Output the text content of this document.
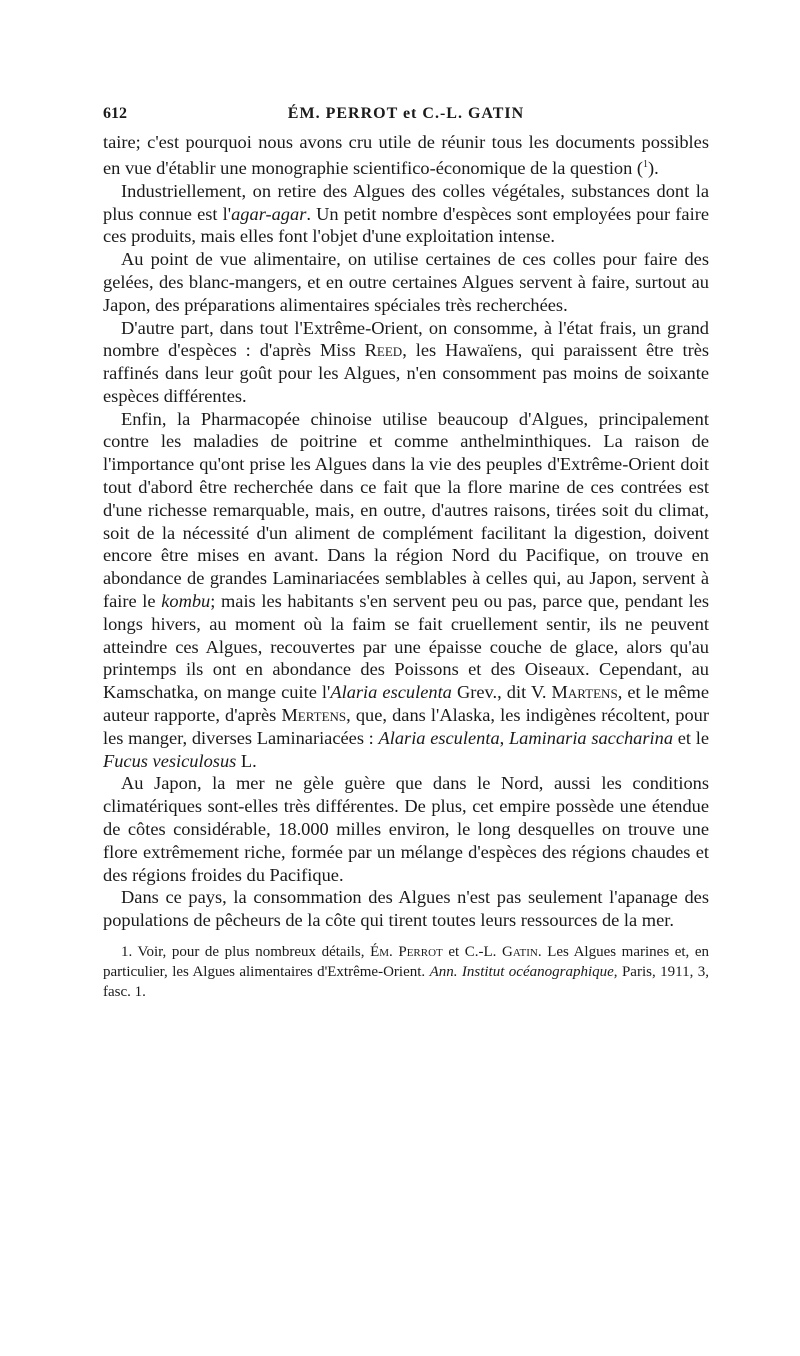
612	ÉM. PERROT et C.-L. GATIN

taire; c'est pourquoi nous avons cru utile de réunir tous les documents possibles en vue d'établir une monographie scientifico-économique de la question ($^1$).

Industriellement, on retire des Algues des colles végétales, substances dont la plus connue est l'agar-agar. Un petit nombre d'espèces sont employées pour faire ces produits, mais elles font l'objet d'une exploitation intense.

Au point de vue alimentaire, on utilise certaines de ces colles pour faire des gelées, des blanc-mangers, et en outre certaines Algues servent à faire, surtout au Japon, des préparations alimentaires spéciales très recherchées.

D'autre part, dans tout l'Extrême-Orient, on consomme, à l'état frais, un grand nombre d'espèces : d'après Miss Reed, les Hawaïens, qui paraissent être très raffinés dans leur goût pour les Algues, n'en consomment pas moins de soixante espèces différentes.

Enfin, la Pharmacopée chinoise utilise beaucoup d'Algues, principalement contre les maladies de poitrine et comme anthelminthiques. La raison de l'importance qu'ont prise les Algues dans la vie des peuples d'Extrême-Orient doit tout d'abord être recherchée dans ce fait que la flore marine de ces contrées est d'une richesse remarquable, mais, en outre, d'autres raisons, tirées soit du climat, soit de la nécessité d'un aliment de complément facilitant la digestion, doivent encore être mises en avant. Dans la région Nord du Pacifique, on trouve en abondance de grandes Laminariacées semblables à celles qui, au Japon, servent à faire le kombu; mais les habitants s'en servent peu ou pas, parce que, pendant les longs hivers, au moment où la faim se fait cruellement sentir, ils ne peuvent atteindre ces Algues, recouvertes par une épaisse couche de glace, alors qu'au printemps ils ont en abondance des Poissons et des Oiseaux. Cependant, au Kamschatka, on mange cuite l'Alaria esculenta Grev., dit V. Martens, et le même auteur rapporte, d'après Mertens, que, dans l'Alaska, les indigènes récoltent, pour les manger, diverses Laminariacées : Alaria esculenta, Laminaria saccharina et le Fucus vesiculosus L.

Au Japon, la mer ne gèle guère que dans le Nord, aussi les conditions climatériques sont-elles très différentes. De plus, cet empire possède une étendue de côtes considérable, 18.000 milles environ, le long desquelles on trouve une flore extrêmement riche, formée par un mélange d'espèces des régions chaudes et des régions froides du Pacifique.

Dans ce pays, la consommation des Algues n'est pas seulement l'apanage des populations de pêcheurs de la côte qui tirent toutes leurs ressources de la mer.

1. Voir, pour de plus nombreux détails, Ém. Perrot et C.-L. Gatin. Les Algues marines et, en particulier, les Algues alimentaires d'Extrême-Orient. Ann. Institut océanographique, Paris, 1911, 3, fasc. 1.
